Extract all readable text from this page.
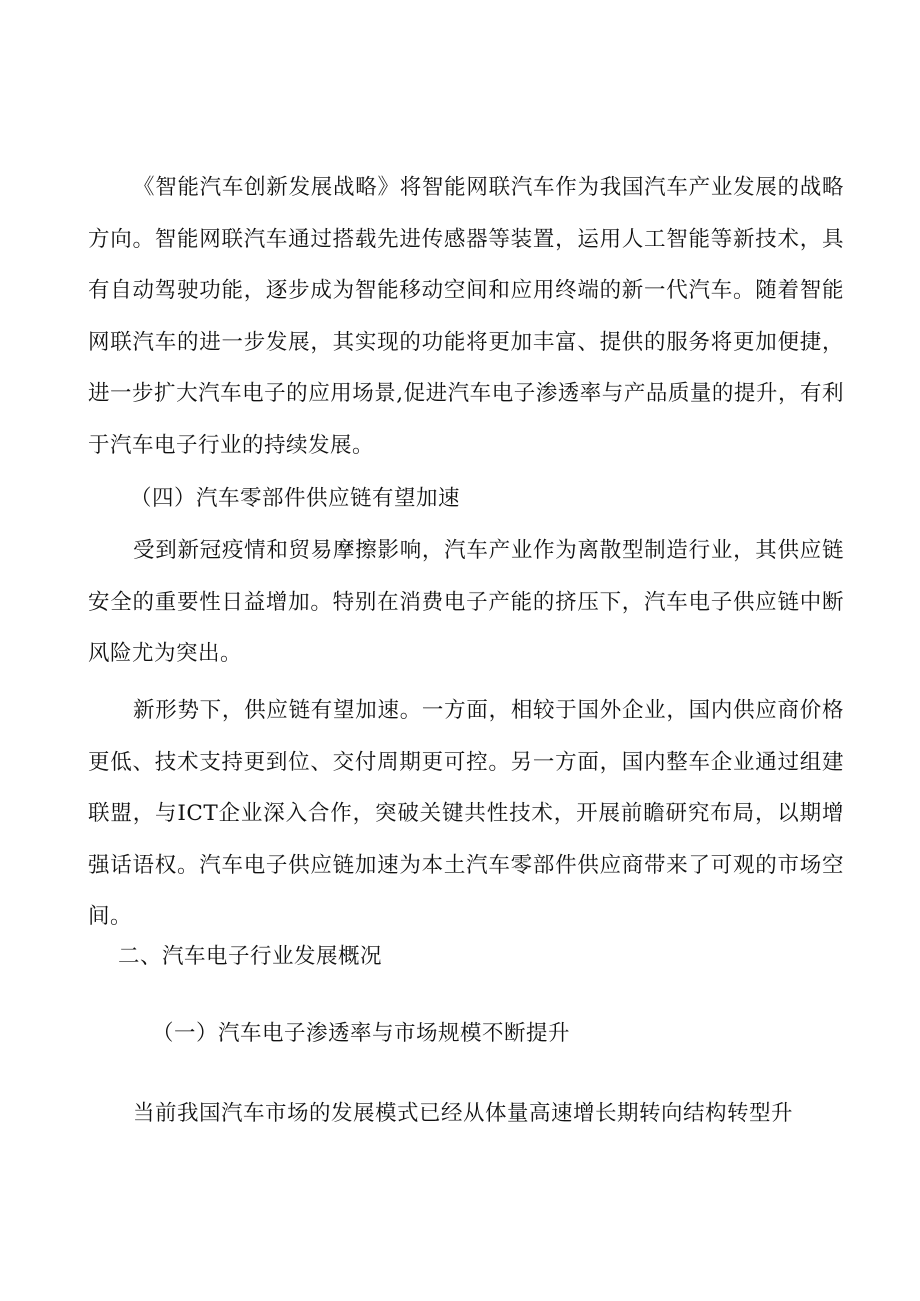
《智能汽车创新发展战略》将智能网联汽车作为我国汽车产业发展的战略方向。智能网联汽车通过搭载先进传感器等装置，运用人工智能等新技术，具有自动驾驶功能，逐步成为智能移动空间和应用终端的新一代汽车。随着智能网联汽车的进一步发展，其实现的功能将更加丰富、提供的服务将更加便捷，进一步扩大汽车电子的应用场景,促进汽车电子渗透率与产品质量的提升，有利于汽车电子行业的持续发展。

（四）汽车零部件供应链有望加速

受到新冠疫情和贸易摩擦影响，汽车产业作为离散型制造行业，其供应链安全的重要性日益增加。特别在消费电子产能的挤压下，汽车电子供应链中断风险尤为突出。

新形势下，供应链有望加速。一方面，相较于国外企业，国内供应商价格更低、技术支持更到位、交付周期更可控。另一方面，国内整车企业通过组建联盟，与ICT企业深入合作，突破关键共性技术，开展前瞻研究布局，以期增强话语权。汽车电子供应链加速为本土汽车零部件供应商带来了可观的市场空间。

二、汽车电子行业发展概况

（一）汽车电子渗透率与市场规模不断提升

当前我国汽车市场的发展模式已经从体量高速增长期转向结构转型升
